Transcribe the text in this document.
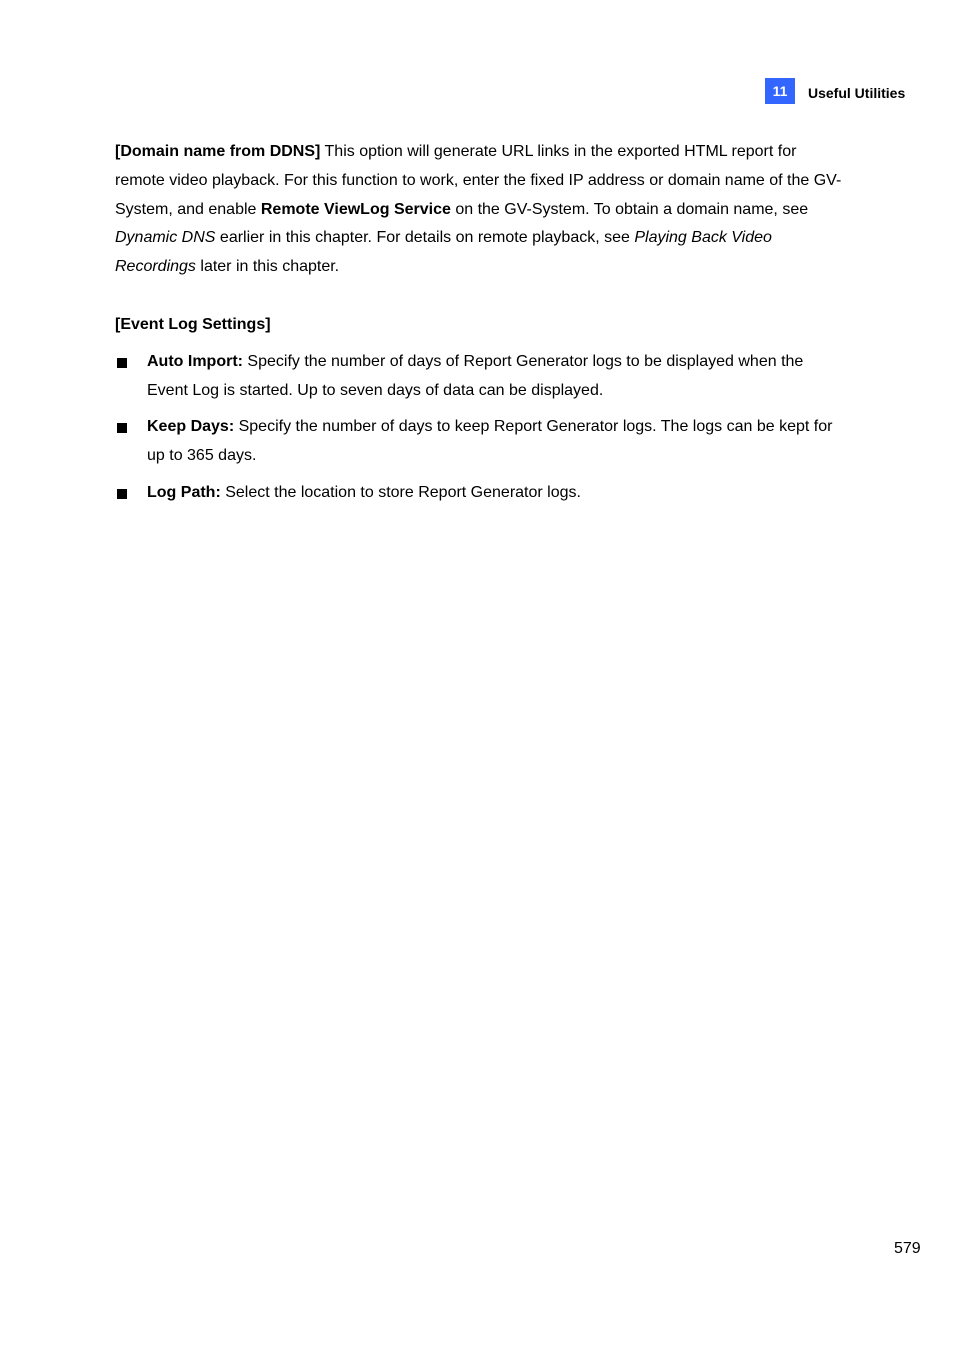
11	Useful Utilities

[Domain name from DDNS] This option will generate URL links in the exported HTML report for remote video playback. For this function to work, enter the fixed IP address or domain name of the GV-System, and enable Remote ViewLog Service on the GV-System. To obtain a domain name, see Dynamic DNS earlier in this chapter. For details on remote playback, see Playing Back Video Recordings later in this chapter.

[Event Log Settings]

Auto Import: Specify the number of days of Report Generator logs to be displayed when the Event Log is started. Up to seven days of data can be displayed.
Keep Days: Specify the number of days to keep Report Generator logs. The logs can be kept for up to 365 days.
Log Path: Select the location to store Report Generator logs.
579
